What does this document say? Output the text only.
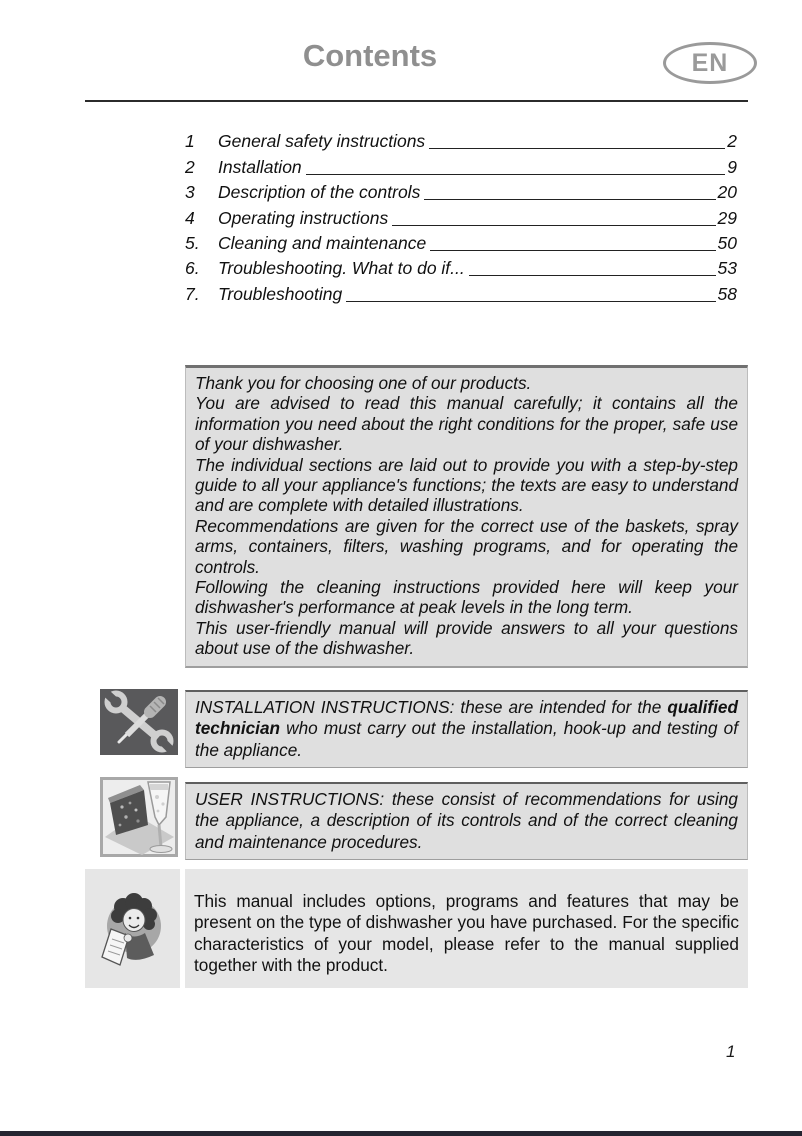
Contents	EN
1	General safety instructions	2
2	Installation	9
3	Description of the controls	20
4	Operating instructions	29
5.	Cleaning and maintenance	50
6.	Troubleshooting. What to do if...	53
7.	Troubleshooting	58
Thank you for choosing one of our products.
You are advised to read this manual carefully; it contains all the information you need about the right conditions for the proper, safe use of your dishwasher.
The individual sections are laid out to provide you with a step-by-step guide to all your appliance's functions; the texts are easy to understand and are complete with detailed illustrations.
Recommendations are given for the correct use of the baskets, spray arms, containers, filters, washing programs, and for operating the controls.
Following the cleaning instructions provided here will keep your dishwasher's performance at peak levels in the long term.
This user-friendly manual will provide answers to all your questions about use of the dishwasher.

INSTALLATION INSTRUCTIONS: these are intended for the qualified technician who must carry out the installation, hook-up and testing of the appliance.

USER INSTRUCTIONS: these consist of recommendations for using the appliance, a description of its controls and of the correct cleaning and maintenance procedures.

This manual includes options, programs and features that may be present on the type of dishwasher you have purchased. For the specific characteristics of your model, please refer to the manual supplied together with the product.

1
